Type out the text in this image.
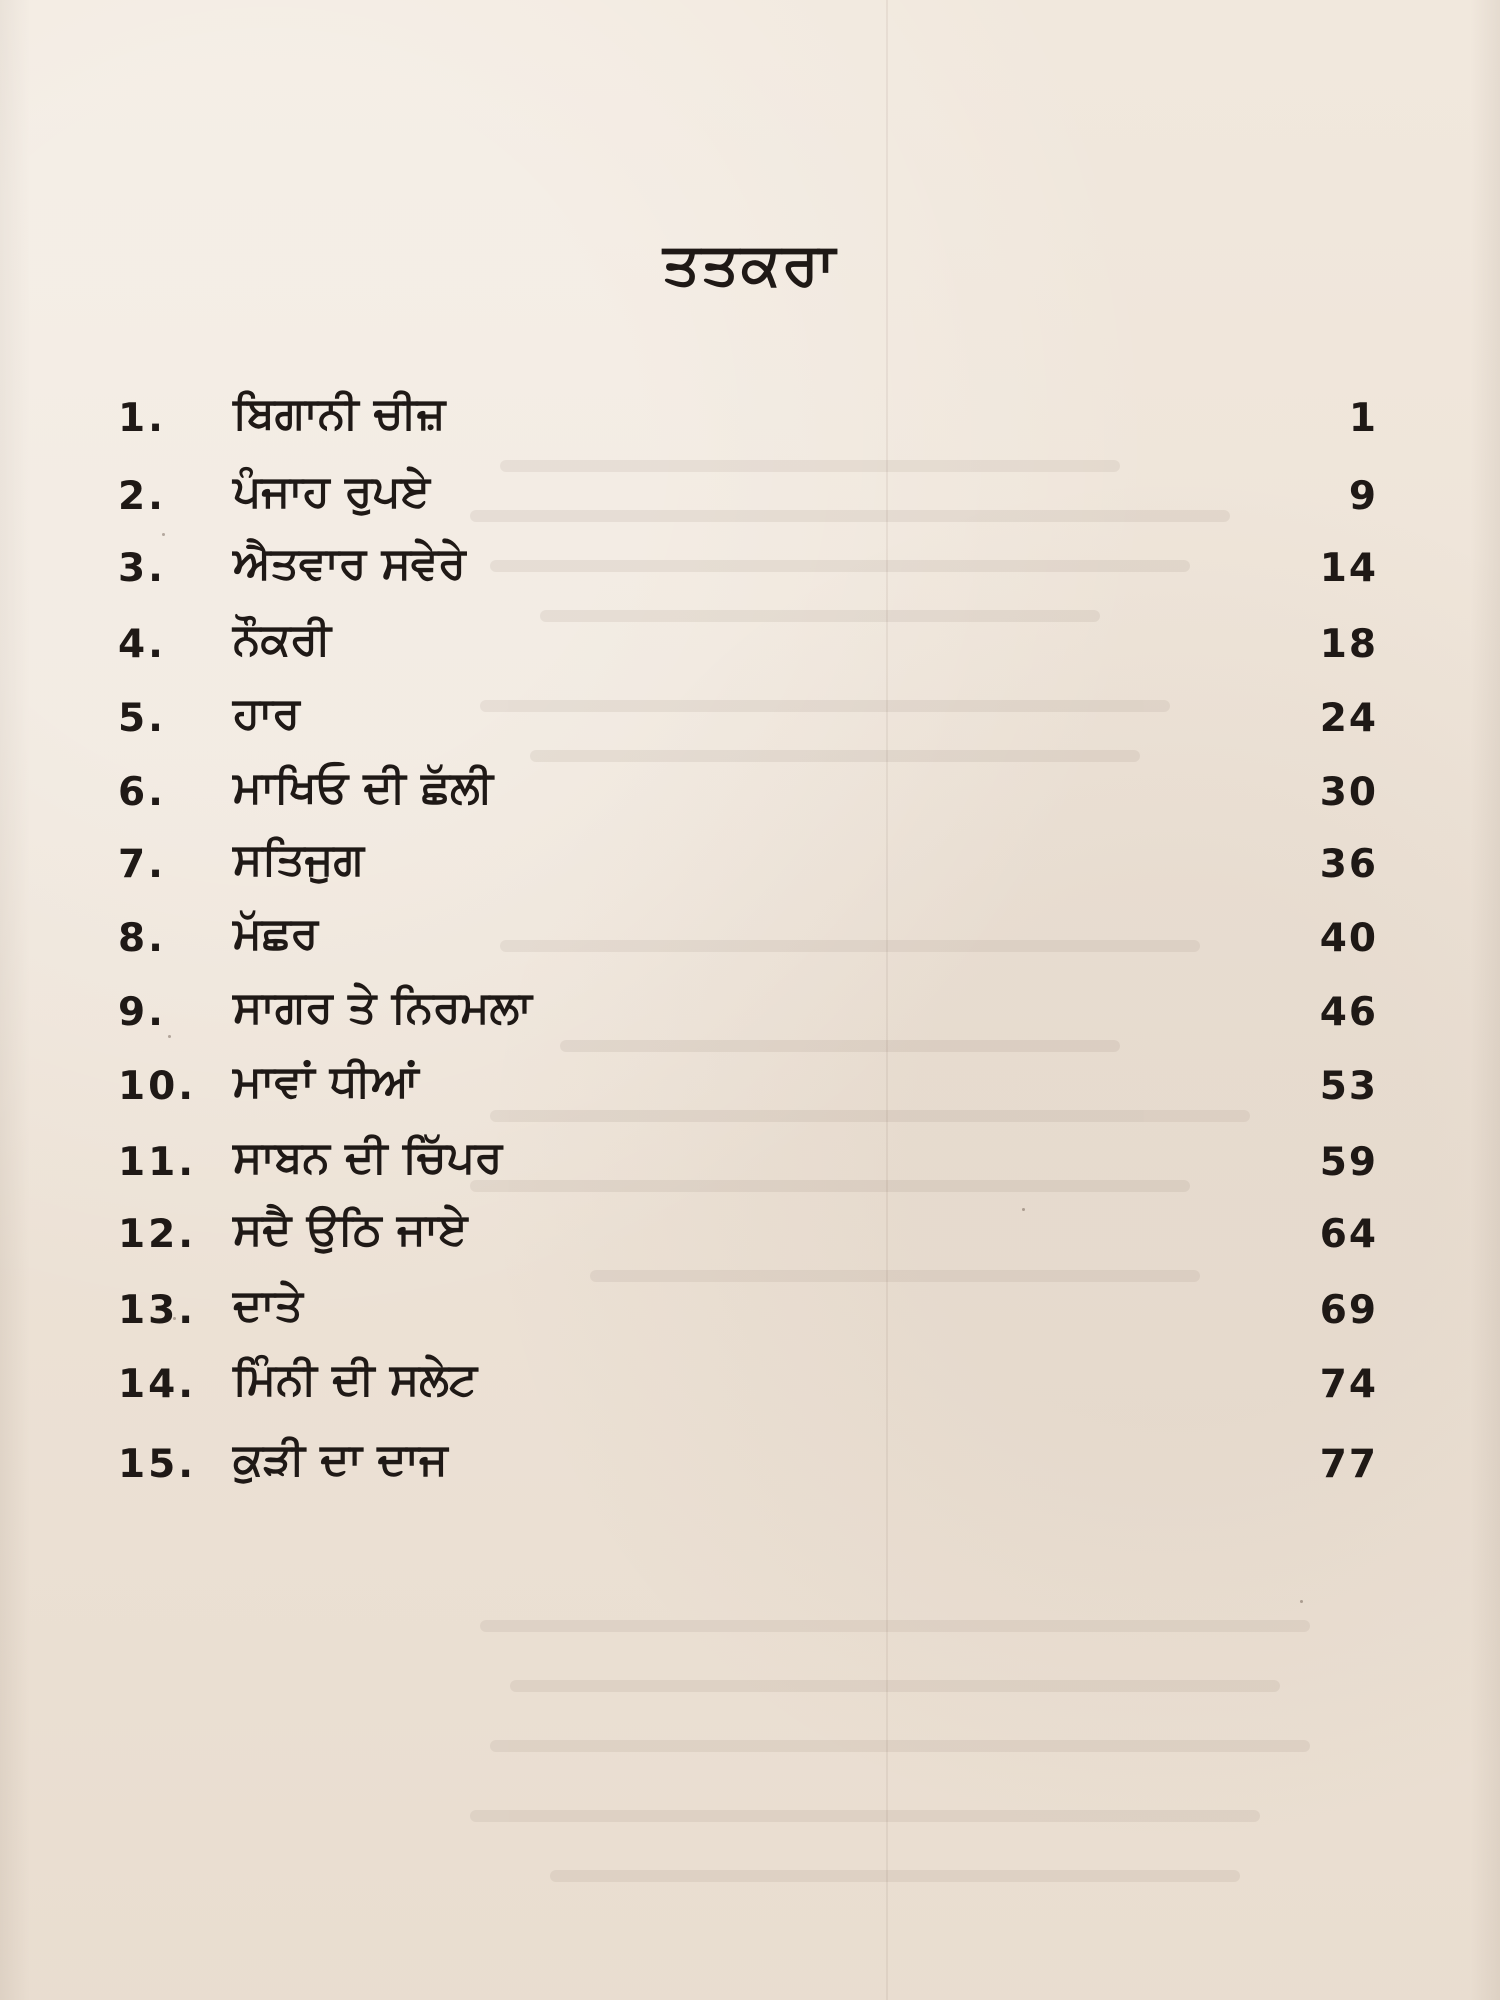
ਤਤਕਰਾ
1.	ਬਿਗਾਨੀ ਚੀਜ਼	1
2.	ਪੰਜਾਹ ਰੁਪਏ	9
3.	ਐਤਵਾਰ ਸਵੇਰੇ	14
4.	ਨੌਕਰੀ	18
5.	ਹਾਰ	24
6.	ਮਾਖਿਓ ਦੀ ਛੱਲੀ	30
7.	ਸਤਿਜੁਗ	36
8.	ਮੱਛਰ	40
9.	ਸਾਗਰ ਤੇ ਨਿਰਮਲਾ	46
10. ਮਾਵਾਂ ਧੀਆਂ	53
11. ਸਾਬਨ ਦੀ ਚਿੱਪਰ	59
12. ਸਦੈ ਉਠਿ ਜਾਏ	64
13. ਦਾਤੇ	69
14. ਮਿੰਨੀ ਦੀ ਸਲੇਟ	74
15. ਕੁੜੀ ਦਾ ਦਾਜ	77
